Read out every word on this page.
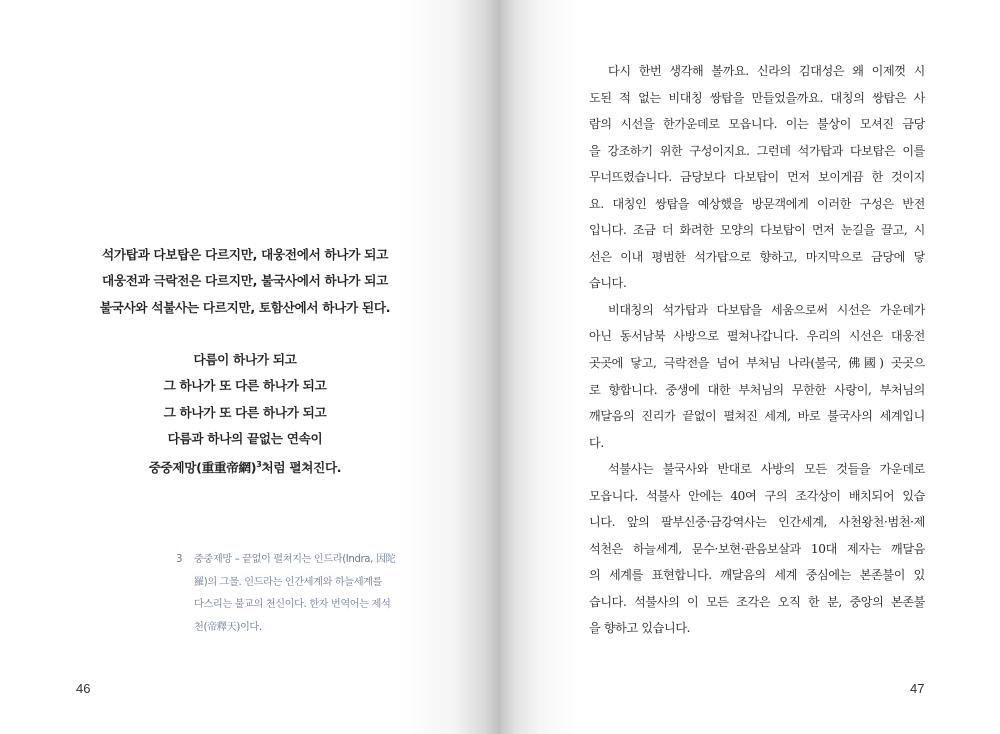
석가탑과 다보탑은 다르지만, 대웅전에서 하나가 되고
대웅전과 극락전은 다르지만, 불국사에서 하나가 되고
불국사와 석불사는 다르지만, 토함산에서 하나가 된다.
다름이 하나가 되고
그 하나가 또 다른 하나가 되고
그 하나가 또 다른 하나가 되고
다름과 하나의 끝없는 연속이
중중제망(重重帝網)$^3$처럼 펼쳐진다.
3 중중제망 – 끝없이 펼쳐지는 인드라(Indra, 因陀
羅)의 그물. 인드라는 인간세계와 하늘세계를
다스리는 불교의 천신이다. 한자 번역어는 제석
천(帝釋天)이다.
46
다시 한번 생각해 볼까요. 신라의 김대성은 왜 이제껏 시
도된 적 없는 비대칭 쌍탑을 만들었을까요. 대칭의 쌍탑은 사
람의 시선을 한가운데로 모읍니다. 이는 불상이 모셔진 금당
을 강조하기 위한 구성이지요. 그런데 석가탑과 다보탑은 이를
무너뜨렸습니다. 금당보다 다보탑이 먼저 보이게끔 한 것이지
요. 대칭인 쌍탑을 예상했을 방문객에게 이러한 구성은 반전
입니다. 조금 더 화려한 모양의 다보탑이 먼저 눈길을 끌고, 시
선은 이내 평범한 석가탑으로 향하고, 마지막으로 금당에 닿
습니다.
비대칭의 석가탑과 다보탑을 세움으로써 시선은 가운데가
아닌 동서남북 사방으로 펼쳐나갑니다. 우리의 시선은 대웅전
곳곳에 닿고, 극락전을 넘어 부처님 나라(불국, 佛國) 곳곳으
로 향합니다. 중생에 대한 부처님의 무한한 사랑이, 부처님의
깨달음의 진리가 끝없이 펼쳐진 세계, 바로 불국사의 세계입니
다.
석불사는 불국사와 반대로 사방의 모든 것들을 가운데로
모읍니다. 석불사 안에는 40여 구의 조각상이 배치되어 있습
니다. 앞의 팔부신중·금강역사는 인간세계, 사천왕천·범천·제
석천은 하늘세계, 문수·보현·관음보살과 10대 제자는 깨달음
의 세계를 표현합니다. 깨달음의 세계 중심에는 본존불이 있
습니다. 석불사의 이 모든 조각은 오직 한 분, 중앙의 본존불
을 향하고 있습니다.
47
